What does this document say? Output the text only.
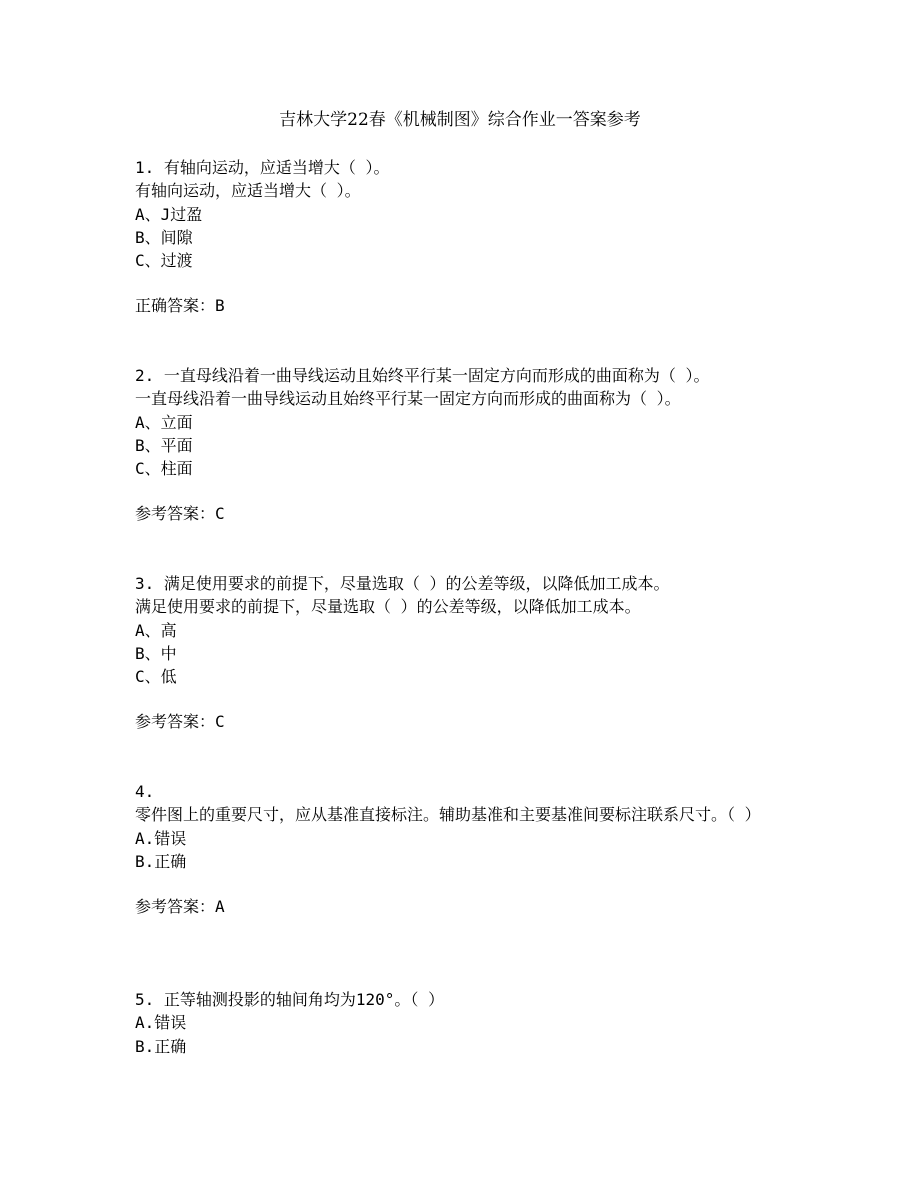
吉林大学22春《机械制图》综合作业一答案参考
1. 有轴向运动，应适当增大（ ）。
有轴向运动，应适当增大（ ）。
A、J过盈
B、间隙
C、过渡
正确答案：B
2. 一直母线沿着一曲导线运动且始终平行某一固定方向而形成的曲面称为（ ）。
一直母线沿着一曲导线运动且始终平行某一固定方向而形成的曲面称为（ ）。
A、立面
B、平面
C、柱面
参考答案：C
3. 满足使用要求的前提下，尽量选取（ ）的公差等级，以降低加工成本。
满足使用要求的前提下，尽量选取（ ）的公差等级，以降低加工成本。
A、高
B、中
C、低
参考答案：C
4.
零件图上的重要尺寸，应从基准直接标注。辅助基准和主要基准间要标注联系尺寸。（ ）
A.错误
B.正确
参考答案：A
5. 正等轴测投影的轴间角均为120°。（ ）
A.错误
B.正确
